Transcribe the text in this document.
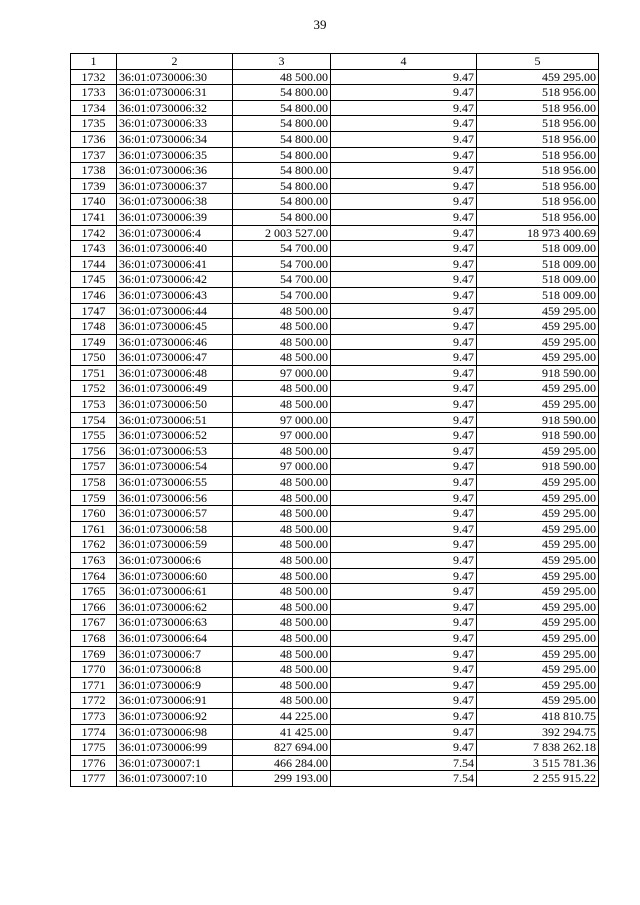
39
1	2	3	4	5
1732	36:01:0730006:30	48 500.00	9.47	459 295.00
1733	36:01:0730006:31	54 800.00	9.47	518 956.00
1734	36:01:0730006:32	54 800.00	9.47	518 956.00
1735	36:01:0730006:33	54 800.00	9.47	518 956.00
1736	36:01:0730006:34	54 800.00	9.47	518 956.00
1737	36:01:0730006:35	54 800.00	9.47	518 956.00
1738	36:01:0730006:36	54 800.00	9.47	518 956.00
1739	36:01:0730006:37	54 800.00	9.47	518 956.00
1740	36:01:0730006:38	54 800.00	9.47	518 956.00
1741	36:01:0730006:39	54 800.00	9.47	518 956.00
1742	36:01:0730006:4	2 003 527.00	9.47	18 973 400.69
1743	36:01:0730006:40	54 700.00	9.47	518 009.00
1744	36:01:0730006:41	54 700.00	9.47	518 009.00
1745	36:01:0730006:42	54 700.00	9.47	518 009.00
1746	36:01:0730006:43	54 700.00	9.47	518 009.00
1747	36:01:0730006:44	48 500.00	9.47	459 295.00
1748	36:01:0730006:45	48 500.00	9.47	459 295.00
1749	36:01:0730006:46	48 500.00	9.47	459 295.00
1750	36:01:0730006:47	48 500.00	9.47	459 295.00
1751	36:01:0730006:48	97 000.00	9.47	918 590.00
1752	36:01:0730006:49	48 500.00	9.47	459 295.00
1753	36:01:0730006:50	48 500.00	9.47	459 295.00
1754	36:01:0730006:51	97 000.00	9.47	918 590.00
1755	36:01:0730006:52	97 000.00	9.47	918 590.00
1756	36:01:0730006:53	48 500.00	9.47	459 295.00
1757	36:01:0730006:54	97 000.00	9.47	918 590.00
1758	36:01:0730006:55	48 500.00	9.47	459 295.00
1759	36:01:0730006:56	48 500.00	9.47	459 295.00
1760	36:01:0730006:57	48 500.00	9.47	459 295.00
1761	36:01:0730006:58	48 500.00	9.47	459 295.00
1762	36:01:0730006:59	48 500.00	9.47	459 295.00
1763	36:01:0730006:6	48 500.00	9.47	459 295.00
1764	36:01:0730006:60	48 500.00	9.47	459 295.00
1765	36:01:0730006:61	48 500.00	9.47	459 295.00
1766	36:01:0730006:62	48 500.00	9.47	459 295.00
1767	36:01:0730006:63	48 500.00	9.47	459 295.00
1768	36:01:0730006:64	48 500.00	9.47	459 295.00
1769	36:01:0730006:7	48 500.00	9.47	459 295.00
1770	36:01:0730006:8	48 500.00	9.47	459 295.00
1771	36:01:0730006:9	48 500.00	9.47	459 295.00
1772	36:01:0730006:91	48 500.00	9.47	459 295.00
1773	36:01:0730006:92	44 225.00	9.47	418 810.75
1774	36:01:0730006:98	41 425.00	9.47	392 294.75
1775	36:01:0730006:99	827 694.00	9.47	7 838 262.18
1776	36:01:0730007:1	466 284.00	7.54	3 515 781.36
1777	36:01:0730007:10	299 193.00	7.54	2 255 915.22
